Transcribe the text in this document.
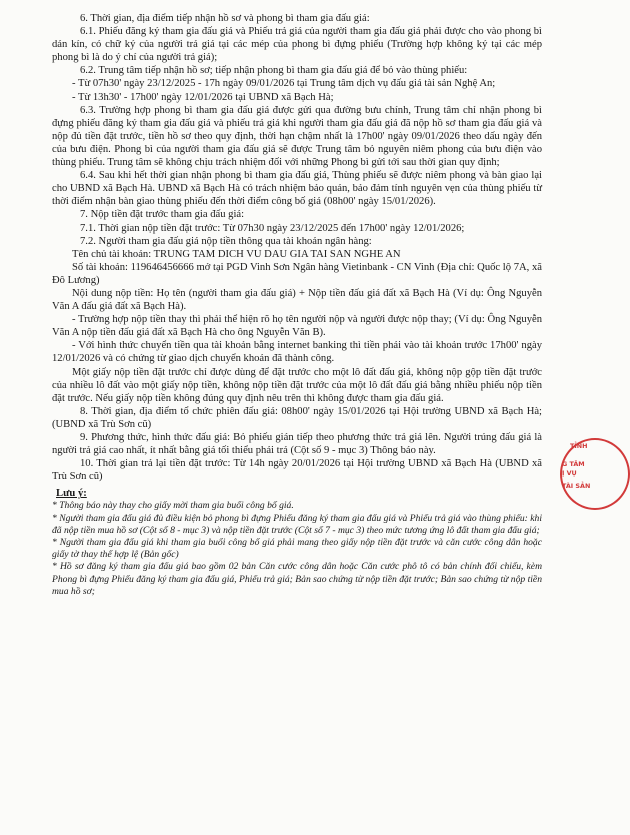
6. Thời gian, địa điểm tiếp nhận hồ sơ và phong bì tham gia đấu giá:

6.1. Phiếu đăng ký tham gia đấu giá và Phiếu trả giá của người tham gia đấu giá phải được cho vào phong bì dán kín, có chữ ký của người trả giá tại các mép của phong bì đựng phiếu (Trường hợp không ký tại các mép phong bì là do ý chí của người trả giá);

6.2. Trung tâm tiếp nhận hồ sơ; tiếp nhận phong bì tham gia đấu giá để bỏ vào thùng phiếu:

- Từ 07h30' ngày 23/12/2025 - 17h ngày 09/01/2026 tại Trung tâm dịch vụ đấu giá tài sản Nghệ An;

- Từ 13h30' - 17h00' ngày 12/01/2026 tại UBND xã Bạch Hà;

6.3. Trường hợp phong bì tham gia đấu giá được gửi qua đường bưu chính, Trung tâm chỉ nhận phong bì đựng phiếu đăng ký tham gia đấu giá và phiếu trả giá khi người tham gia đấu giá đã nộp hồ sơ tham gia đấu giá và nộp đủ tiền đặt trước, tiền hồ sơ theo quy định, thời hạn chậm nhất là 17h00' ngày 09/01/2026 theo dấu ngày đến của bưu điện. Phong bì của người tham gia đấu giá sẽ được Trung tâm bỏ nguyên niêm phong của bưu điện vào thùng phiếu. Trung tâm sẽ không chịu trách nhiệm đối với những Phong bì gửi tới sau thời gian quy định;

6.4. Sau khi hết thời gian nhận phong bì tham gia đấu giá, Thùng phiếu sẽ được niêm phong và bàn giao lại cho UBND xã Bạch Hà. UBND xã Bạch Hà có trách nhiệm bảo quản, bảo đảm tính nguyên vẹn của thùng phiếu từ thời điểm nhận bàn giao thùng phiếu đến thời điểm công bố giá (08h00' ngày 15/01/2026).

7. Nộp tiền đặt trước tham gia đấu giá:

7.1. Thời gian nộp tiền đặt trước: Từ 07h30 ngày 23/12/2025 đến 17h00' ngày 12/01/2026;

7.2. Người tham gia đấu giá nộp tiền thông qua tài khoản ngân hàng:

Tên chủ tài khoản: TRUNG TAM DICH VU DAU GIA TAI SAN NGHE AN

Số tài khoản: 119646456666 mở tại PGD Vinh Sơn Ngân hàng Vietinbank - CN Vinh (Địa chỉ: Quốc lộ 7A, xã Đô Lương)

Nội dung nộp tiền: Họ tên (người tham gia đấu giá) + Nộp tiền đấu giá đất xã Bạch Hà (Ví dụ: Ông Nguyễn Văn A đấu giá đất xã Bạch Hà).

- Trường hợp nộp tiền thay thì phải thể hiện rõ họ tên người nộp và người được nộp thay; (Ví dụ: Ông Nguyễn Văn A nộp tiền đấu giá đất xã Bạch Hà cho ông Nguyễn Văn B).

- Với hình thức chuyển tiền qua tài khoản bằng internet banking thì tiền phải vào tài khoản trước 17h00' ngày 12/01/2026 và có chứng từ giao dịch chuyển khoản đã thành công.

Một giấy nộp tiền đặt trước chỉ được dùng để đặt trước cho một lô đất đấu giá, không nộp gộp tiền đặt trước của nhiều lô đất vào một giấy nộp tiền, không nộp tiền đặt trước của một lô đất đấu giá bằng nhiều phiếu nộp tiền đặt trước. Nếu giấy nộp tiền không đúng quy định nêu trên thì không được tham gia đấu giá.

8. Thời gian, địa điểm tổ chức phiên đấu giá: 08h00' ngày 15/01/2026 tại Hội trường UBND xã Bạch Hà; (UBND xã Trù Sơn cũ)

9. Phương thức, hình thức đấu giá: Bỏ phiếu gián tiếp theo phương thức trả giá lên. Người trúng đấu giá là người trả giá cao nhất, ít nhất bằng giá tối thiểu phải trả (Cột số 9 - mục 3) Thông báo này.

10. Thời gian trả lại tiền đặt trước: Từ 14h ngày 20/01/2026 tại Hội trường UBND xã Bạch Hà (UBND xã Trù Sơn cũ)

Lưu ý:

* Thông báo này thay cho giấy mời tham gia buổi công bố giá.

* Người tham gia đấu giá đủ điều kiện bỏ phong bì đựng Phiếu đăng ký tham gia đấu giá và Phiếu trả giá vào thùng phiếu: khi đã nộp tiền mua hồ sơ (Cột số 8 - mục 3) và nộp tiền đặt trước (Cột số 7 - mục 3) theo mức tương ứng lô đất tham gia đấu giá;

* Người tham gia đấu giá khi tham gia buổi công bố giá phải mang theo giấy nộp tiền đặt trước và căn cước công dân hoặc giấy tờ thay thế hợp lệ (Bản gốc)

* Hồ sơ đăng ký tham gia đấu giá bao gồm 02 bản Căn cước công dân hoặc Căn cước phô tô có bản chính đối chiếu, kèm Phong bì đựng Phiếu đăng ký tham gia đấu giá, Phiếu trả giá; Bản sao chứng từ nộp tiền đặt trước; Bản sao chứng từ nộp tiền mua hồ sơ;

TỈNH
G TÂM
Ị VỤ
TÀI SẢN
